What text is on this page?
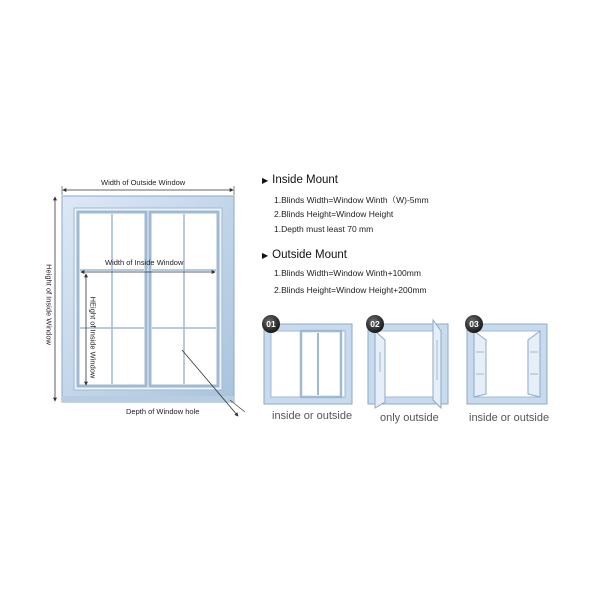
Width of Outside Window
Height of Inside Window
Width of Inside Window
HEight of Inside Window
Depth of Window hole
▶ Inside Mount
1.Blinds Width=Window Winth（W)-5mm
2.Blinds Height=Window Height
1.Depth must least 70 mm
▶ Outside Mount
1.Blinds Width=Window Winth+100mm
2.Blinds Height=Window Height+200mm
01	02	03
inside or outside	only outside	inside or outside
